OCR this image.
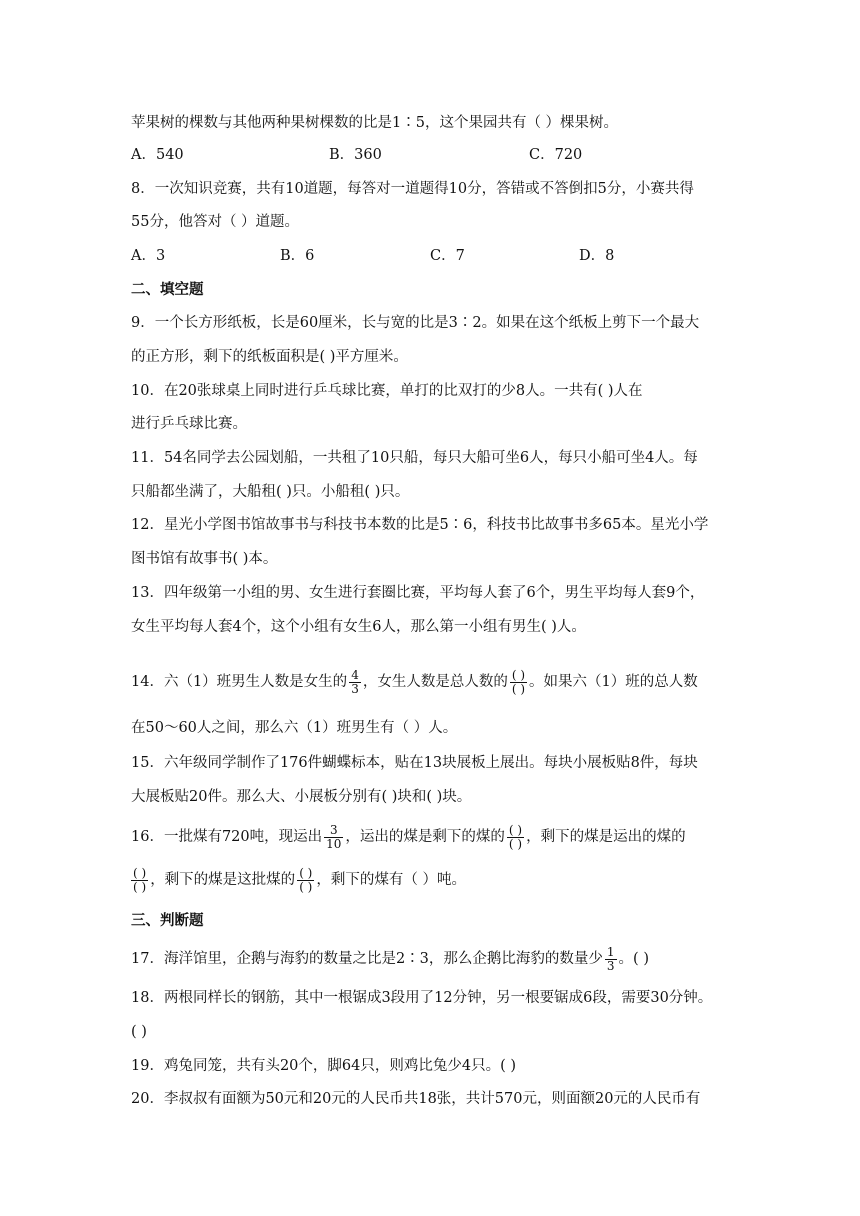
苹果树的棵数与其他两种果树棵数的比是1∶5，这个果园共有（ ）棵果树。
A．540	B．360	C．720
8．一次知识竞赛，共有10道题，每答对一道题得10分，答错或不答倒扣5分，小赛共得
55分，他答对（ ）道题。
A．3	B．6	C．7	D．8
二、填空题
9．一个长方形纸板，长是60厘米，长与宽的比是3∶2。如果在这个纸板上剪下一个最大
的正方形，剩下的纸板面积是( )平方厘米。
10．在20张球桌上同时进行乒乓球比赛，单打的比双打的少8人。一共有( )人在
进行乒乓球比赛。
11．54名同学去公园划船，一共租了10只船，每只大船可坐6人，每只小船可坐4人。每
只船都坐满了，大船租( )只。小船租( )只。
12．星光小学图书馆故事书与科技书本数的比是5∶6，科技书比故事书多65本。星光小学
图书馆有故事书( )本。
13．四年级第一小组的男、女生进行套圈比赛，平均每人套了6个，男生平均每人套9个，
女生平均每人套4个，这个小组有女生6人，那么第一小组有男生( )人。
14．六（1）班男生人数是女生的 $\frac{4}{3}$ ，女生人数是总人数的 $\frac{( )}{( )}$ 。如果六（1）班的总人数
在50～60人之间，那么六（1）班男生有（ ）人。
15．六年级同学制作了176件蝴蝶标本，贴在13块展板上展出。每块小展板贴8件，每块
大展板贴20件。那么大、小展板分别有( )块和( )块。
16．一批煤有720吨，现运出 $\frac{3}{10}$ ，运出的煤是剩下的煤的 $\frac{( )}{( )}$ ，剩下的煤是运出的煤的
$\frac{( )}{( )}$ ，剩下的煤是这批煤的 $\frac{( )}{( )}$ ，剩下的煤有（ ）吨。
三、判断题
17．海洋馆里，企鹅与海豹的数量之比是2∶3，那么企鹅比海豹的数量少 $\frac{1}{3}$ 。( )
18．两根同样长的钢筋，其中一根锯成3段用了12分钟，另一根要锯成6段，需要30分钟。
( )
19．鸡兔同笼，共有头20个，脚64只，则鸡比兔少4只。( )
20．李叔叔有面额为50元和20元的人民币共18张，共计570元，则面额20元的人民币有
